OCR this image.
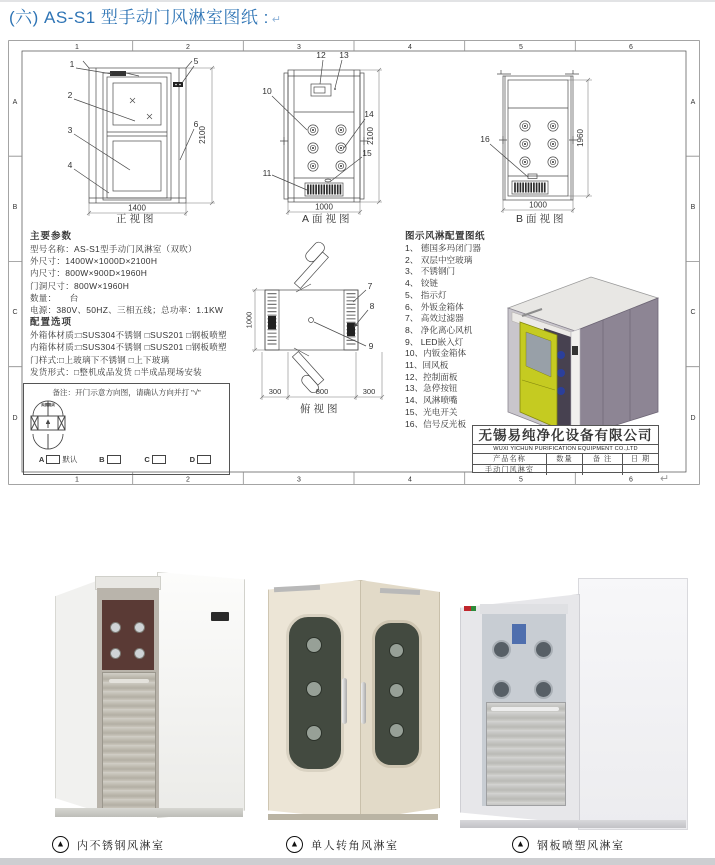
(六) AS-S1 型手动门风淋室图纸 : ↵
1	2	3	4	5	6
1	2	3	4	5	6
A
B
C
D
A
B
C
D
1
2
3
4
5
6
1400
2100
正视图
12 13
10
14
15
11
1000
2100
A面视图
16
1000
1960
B面视图
7
8
9
300	800	300
1000
俯视图
主要参数
型号名称：AS-S1型手动门风淋室（双吹）
外尺寸：1400W×1000D×2100H
内尺寸：800W×900D×1960H
门洞尺寸：800W×1960H
数量：　　台
电源：380V、50HZ、三相五线；总功率：1.1KW
配置选项
外箱体材质:□SUS304不锈钢 □SUS201 □钢板喷塑
内箱体材质:□SUS304不锈钢 □SUS201 □钢板喷塑
门样式:□上玻璃下不锈钢 □上下玻璃
发货形式：□整机成品发货 □半成品现场安装
图示风淋配置图纸
1、 德国多玛闭门器
2、 双层中空玻璃
3、 不锈钢门
4、 铰链
5、 指示灯
6、 外钣金箱体
7、 高效过滤器
8、 净化离心风机
9、 LED嵌入灯
10、内钣金箱体
11、回风板
12、控制面板
13、急停按钮
14、风淋喷嘴
15、光电开关
16、信号反光板
备注：开门示意方向图，请确认方向并打 "√"
A 默认	B	C	D
无锡易纯净化设备有限公司
WUXI YICHUN PURIFICATION EQUIPMENT CO.,LTD
产品名称	数量	备 注	日 期
手动门风淋室
↵
▲ 内不锈钢风淋室	▲ 单人转角风淋室	▲ 钢板喷塑风淋室
